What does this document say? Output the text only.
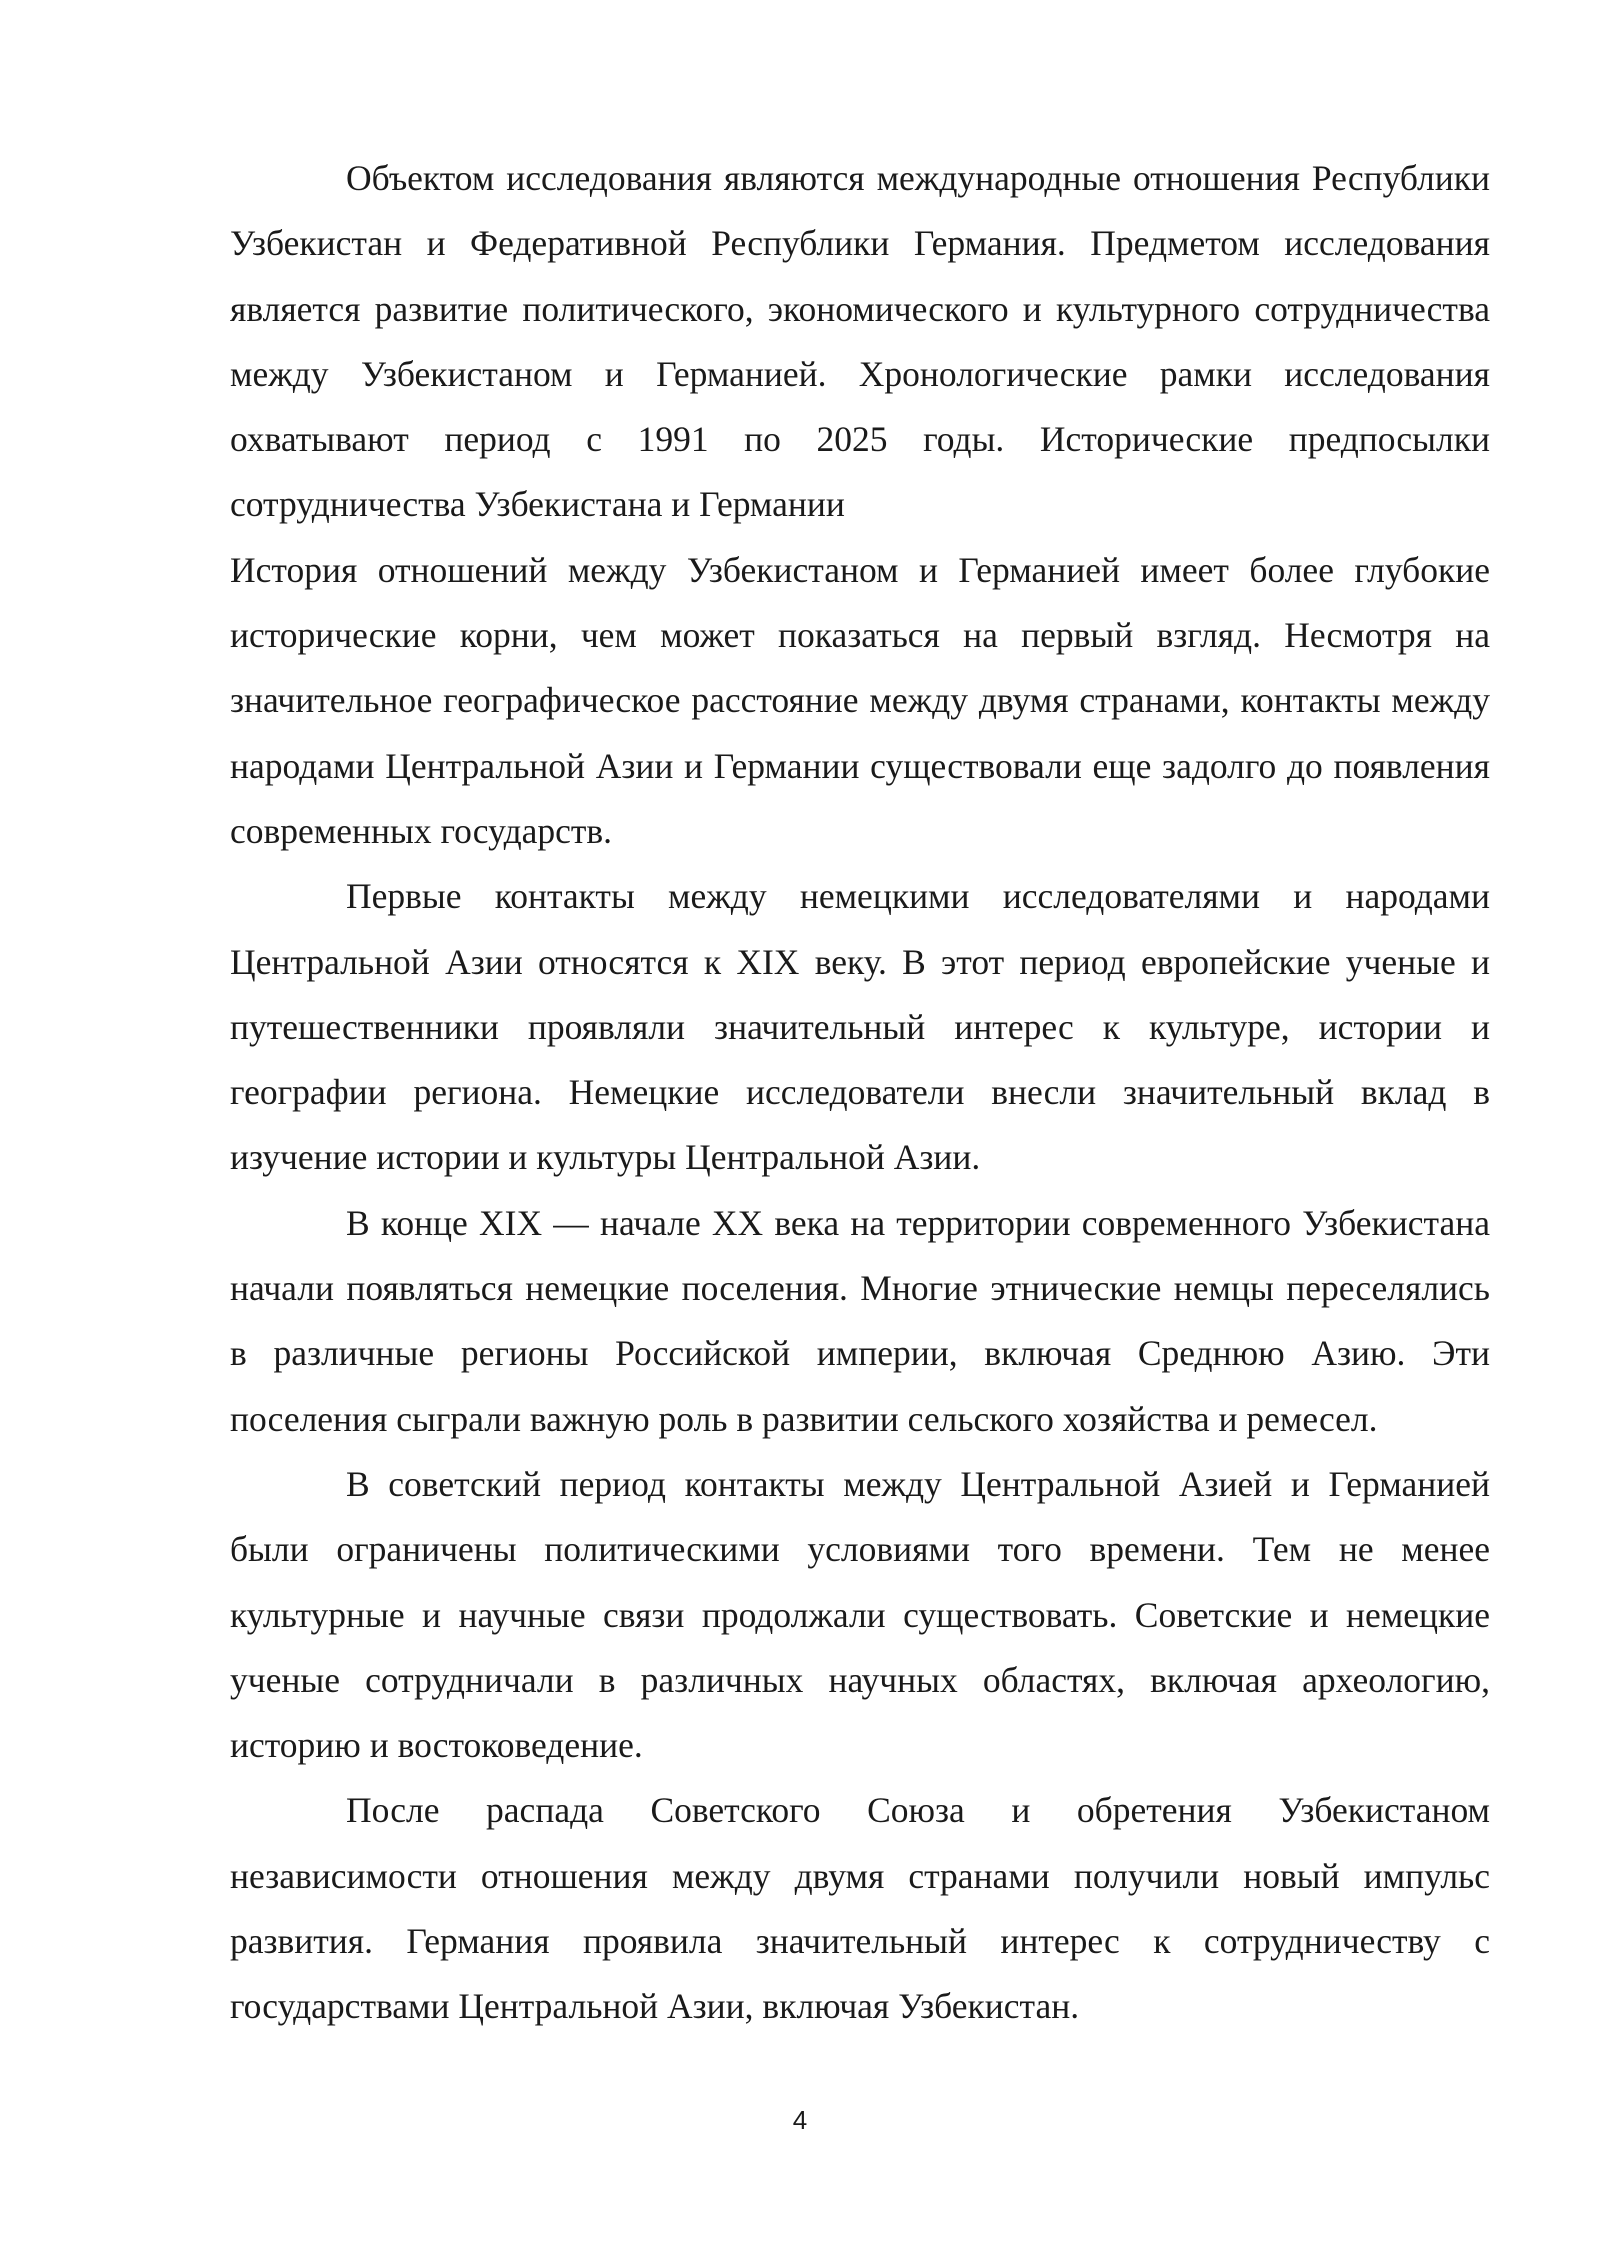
Объектом исследования являются международные отношения Республики Узбекистан и Федеративной Республики Германия. Предметом исследования является развитие политического, экономического и культурного сотрудничества между Узбекистаном и Германией. Хронологические рамки исследования охватывают период с 1991 по 2025 годы. Исторические предпосылки сотрудничества Узбекистана и Германии

История отношений между Узбекистаном и Германией имеет более глубокие исторические корни, чем может показаться на первый взгляд. Несмотря на значительное географическое расстояние между двумя странами, контакты между народами Центральной Азии и Германии существовали еще задолго до появления современных государств.

Первые контакты между немецкими исследователями и народами Центральной Азии относятся к XIX веку. В этот период европейские ученые и путешественники проявляли значительный интерес к культуре, истории и географии региона. Немецкие исследователи внесли значительный вклад в изучение истории и культуры Центральной Азии.

В конце XIX — начале XX века на территории современного Узбекистана начали появляться немецкие поселения. Многие этнические немцы переселялись в различные регионы Российской империи, включая Среднюю Азию. Эти поселения сыграли важную роль в развитии сельского хозяйства и ремесел.

В советский период контакты между Центральной Азией и Германией были ограничены политическими условиями того времени. Тем не менее культурные и научные связи продолжали существовать. Советские и немецкие ученые сотрудничали в различных научных областях, включая археологию, историю и востоковедение.

После распада Советского Союза и обретения Узбекистаном независимости отношения между двумя странами получили новый импульс развития. Германия проявила значительный интерес к сотрудничеству с государствами Центральной Азии, включая Узбекистан.

4
